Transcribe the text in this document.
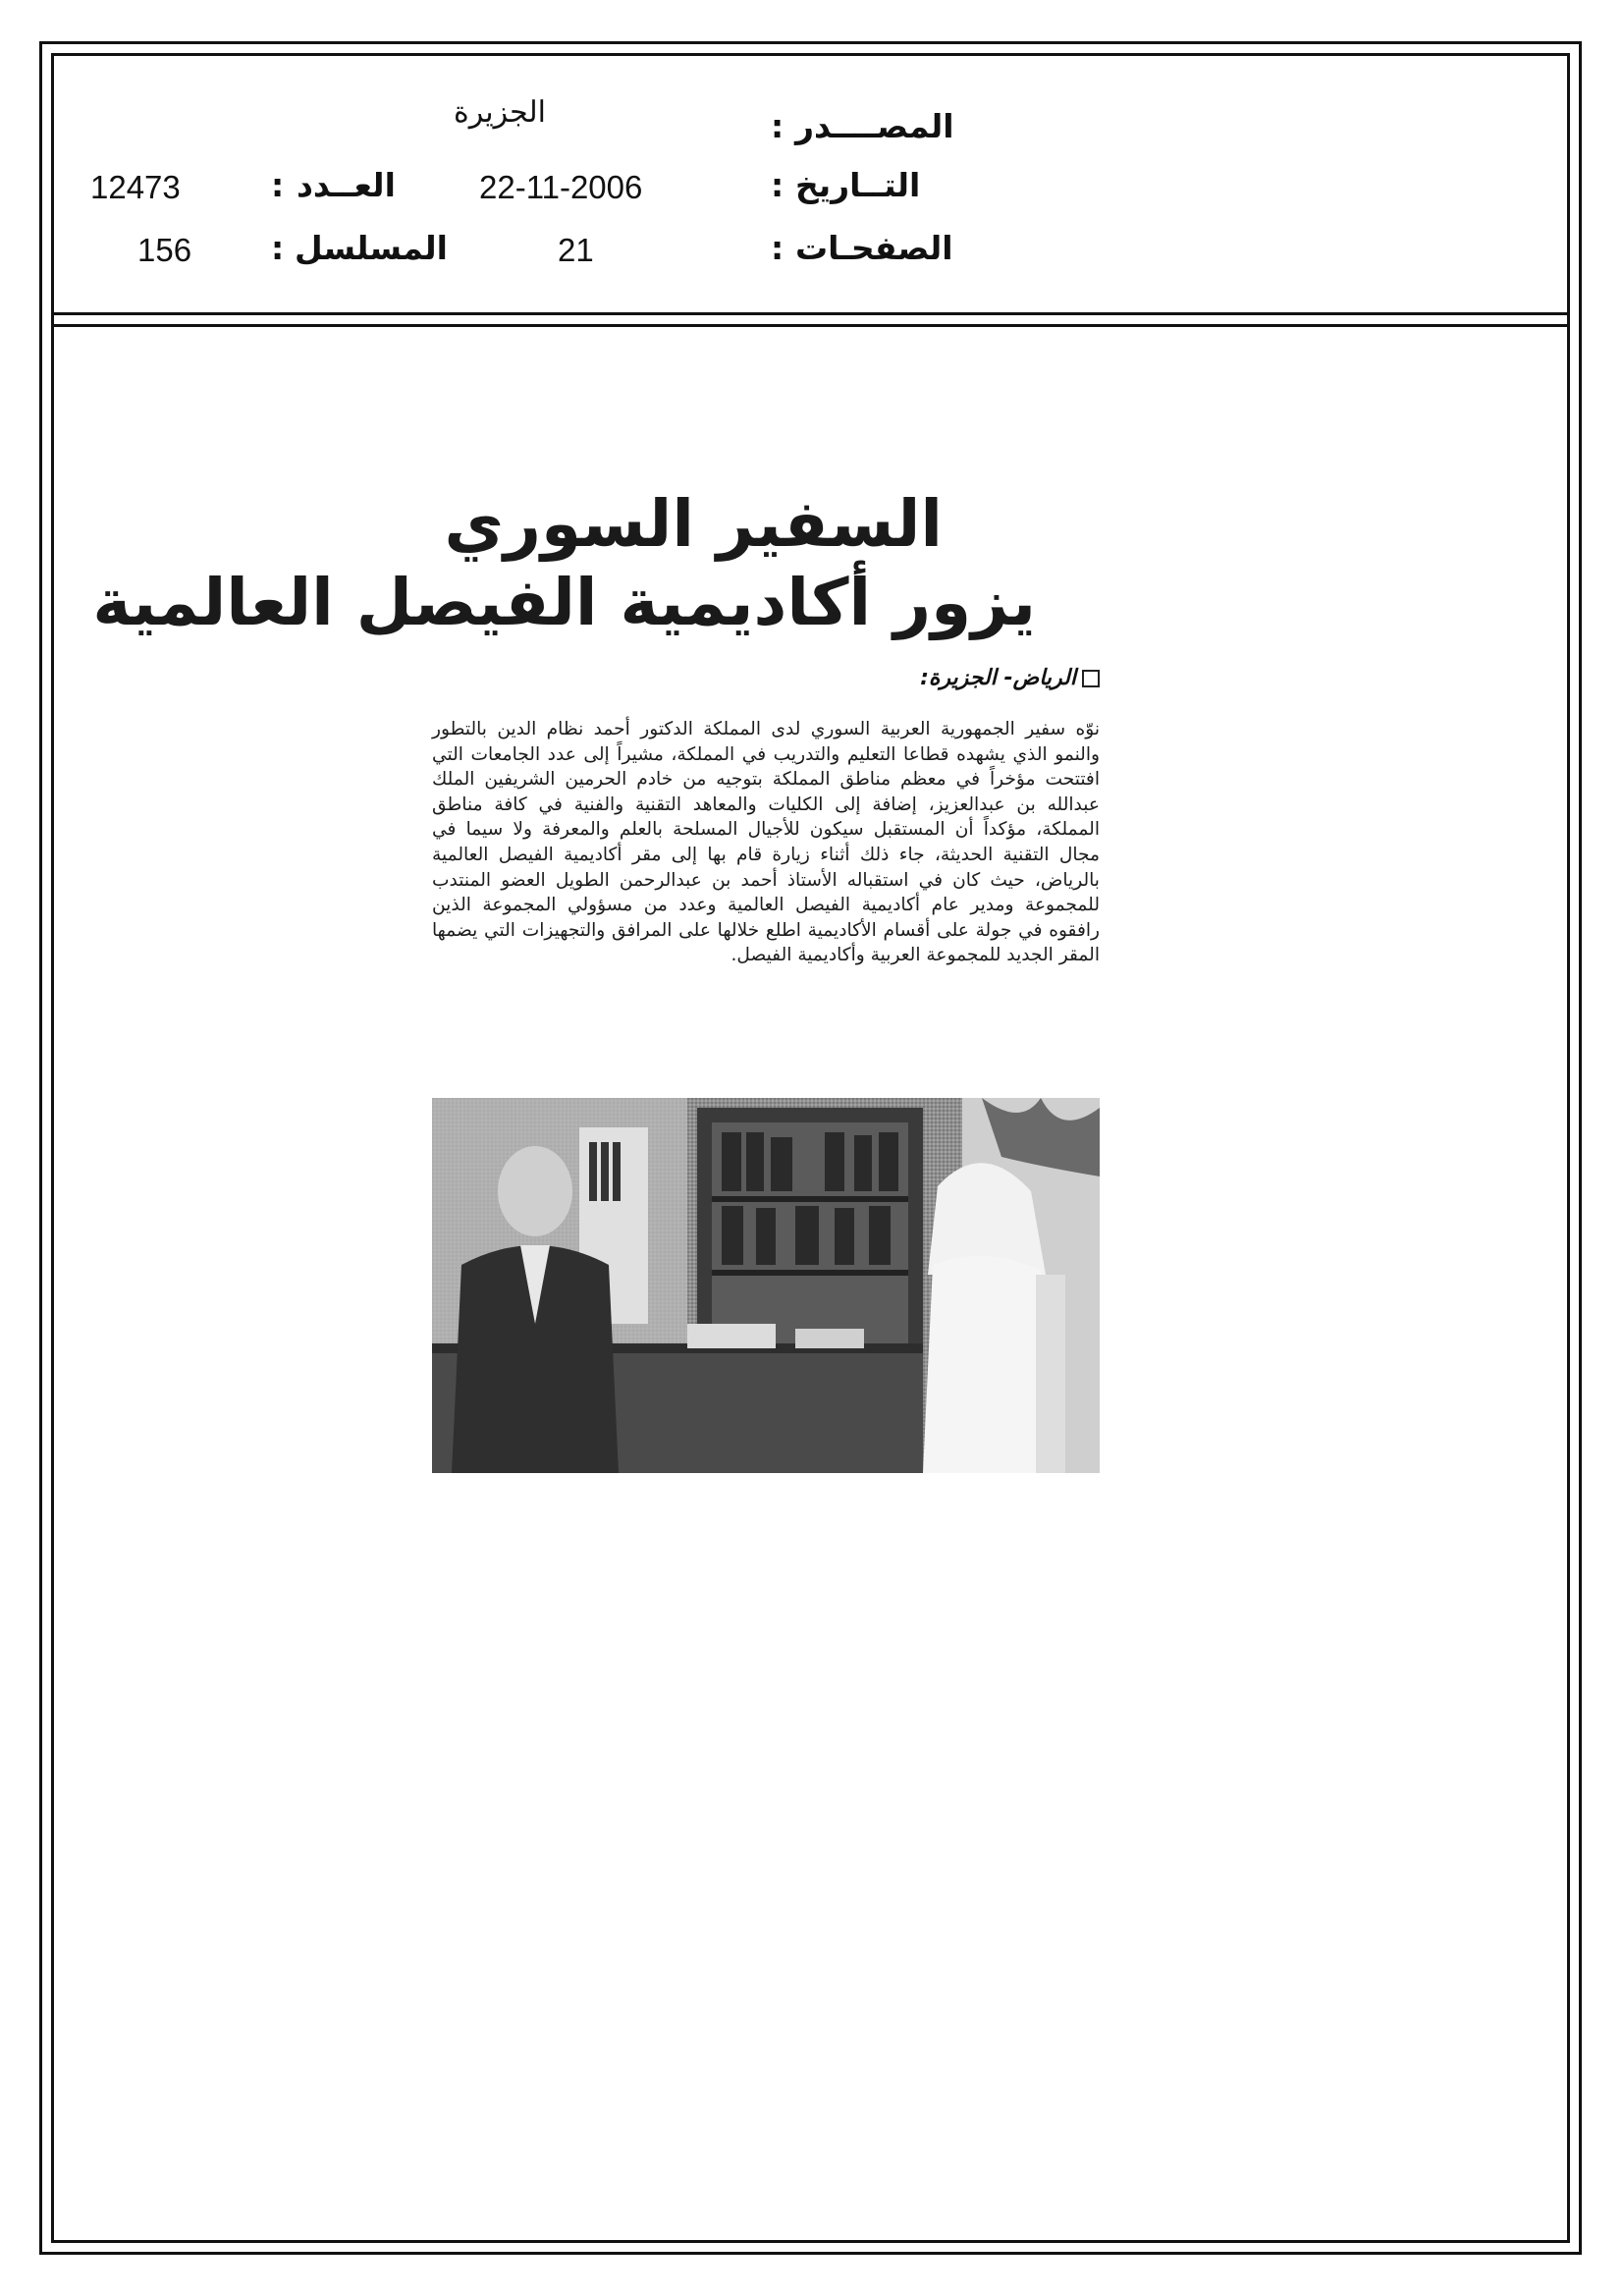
المصــــدر
:
الجزيرة
التــاريخ
:
22-11-2006
العــدد
:
12473
الصفحـات
:
21
المسلسل
:
156
السفير السوري
يزور أكاديمية الفيصل العالمية
الرياض- الجزيرة:
نوّه سفير الجمهورية العربية السوري لدى المملكة الدكتور أحمد نظام الدين بالتطور والنمو الذي يشهده قطاعا التعليم والتدريب في المملكة، مشيراً إلى عدد الجامعات التي افتتحت مؤخراً في معظم مناطق المملكة بتوجيه من خادم الحرمين الشريفين الملك عبدالله بن عبدالعزيز، إضافة إلى الكليات والمعاهد التقنية والفنية في كافة مناطق المملكة، مؤكداً أن المستقبل سيكون للأجيال المسلحة بالعلم والمعرفة ولا سيما في مجال التقنية الحديثة، جاء ذلك أثناء زيارة قام بها إلى مقر أكاديمية الفيصل العالمية بالرياض، حيث كان في استقباله الأستاذ أحمد بن عبدالرحمن الطويل العضو المنتدب للمجموعة ومدير عام أكاديمية الفيصل العالمية وعدد من مسؤولي المجموعة الذين رافقوه في جولة على أقسام الأكاديمية اطلع خلالها على المرافق والتجهيزات التي يضمها المقر الجديد للمجموعة العربية وأكاديمية الفيصل.
